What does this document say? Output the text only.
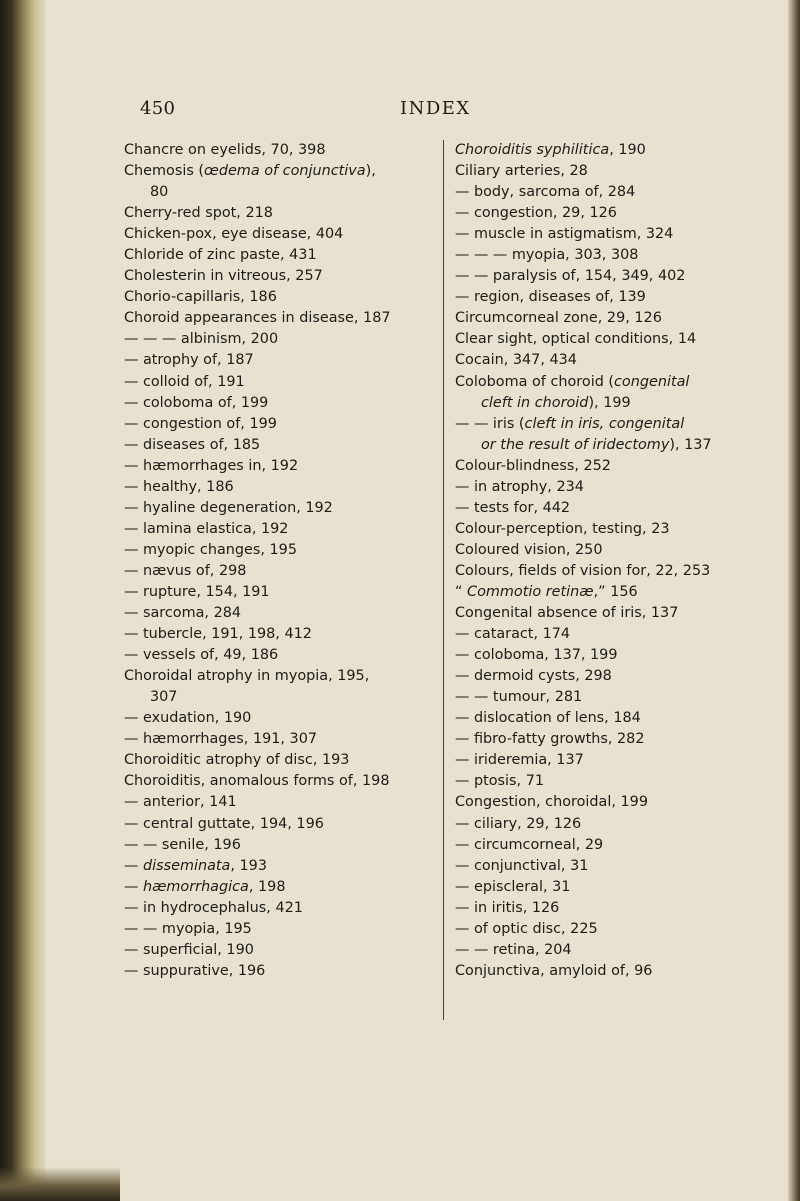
450	INDEX
Chancre on eyelids, 70, 398
Chemosis (œdema of conjunctiva),
80
Cherry-red spot, 218
Chicken-pox, eye disease, 404
Chloride of zinc paste, 431
Cholesterin in vitreous, 257
Chorio-capillaris, 186
Choroid appearances in disease, 187
— — — albinism, 200
— atrophy of, 187
— colloid of, 191
— coloboma of, 199
— congestion of, 199
— diseases of, 185
— hæmorrhages in, 192
— healthy, 186
— hyaline degeneration, 192
— lamina elastica, 192
— myopic changes, 195
— nævus of, 298
— rupture, 154, 191
— sarcoma, 284
— tubercle, 191, 198, 412
— vessels of, 49, 186
Choroidal atrophy in myopia, 195,
307
— exudation, 190
— hæmorrhages, 191, 307
Choroiditic atrophy of disc, 193
Choroiditis, anomalous forms of, 198
— anterior, 141
— central guttate, 194, 196
— — senile, 196
— disseminata, 193
— hæmorrhagica, 198
— in hydrocephalus, 421
— — myopia, 195
— superficial, 190
— suppurative, 196
Choroiditis syphilitica, 190
Ciliary arteries, 28
— body, sarcoma of, 284
— congestion, 29, 126
— muscle in astigmatism, 324
— — — myopia, 303, 308
— — paralysis of, 154, 349, 402
— region, diseases of, 139
Circumcorneal zone, 29, 126
Clear sight, optical conditions, 14
Cocain, 347, 434
Coloboma of choroid (congenital
cleft in choroid), 199
— — iris (cleft in iris, congenital
or the result of iridectomy), 137
Colour-blindness, 252
— in atrophy, 234
— tests for, 442
Colour-perception, testing, 23
Coloured vision, 250
Colours, fields of vision for, 22, 253
“ Commotio retinæ,” 156
Congenital absence of iris, 137
— cataract, 174
— coloboma, 137, 199
— dermoid cysts, 298
— — tumour, 281
— dislocation of lens, 184
— fibro-fatty growths, 282
— irideremia, 137
— ptosis, 71
Congestion, choroidal, 199
— ciliary, 29, 126
— circumcorneal, 29
— conjunctival, 31
— episcleral, 31
— in iritis, 126
— of optic disc, 225
— — retina, 204
Conjunctiva, amyloid of, 96
